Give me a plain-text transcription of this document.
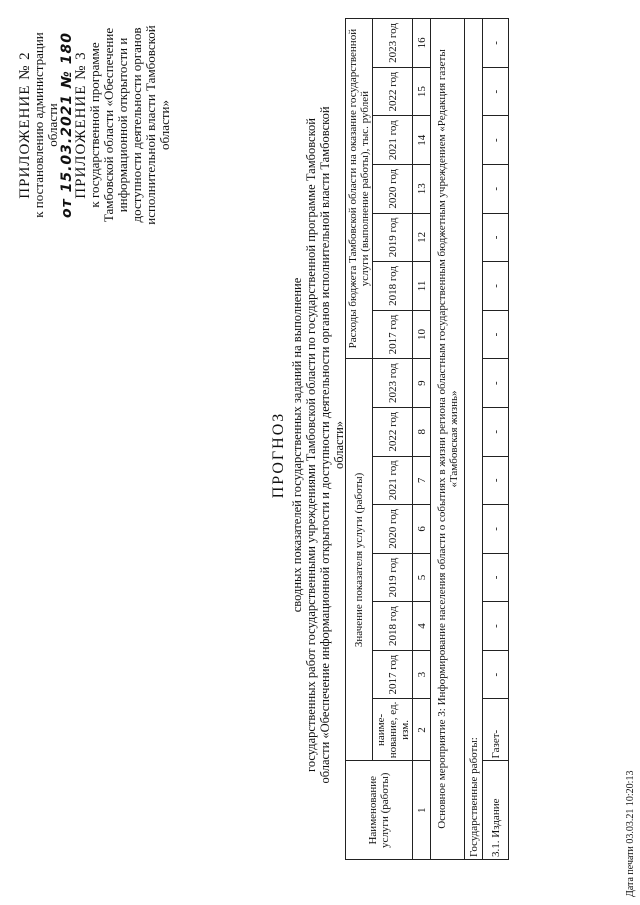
ПРИЛОЖЕНИЕ № 2
к постановлению администрации области от 15.03.2021 № 180
ПРИЛОЖЕНИЕ № 3
к государственной программе Тамбовской области «Обеспечение информационной открытости и доступности деятельности органов исполнительной власти Тамбовской области»
ПРОГНОЗ сводных показателей государственных заданий на выполнение государственных работ государственными учреждениями Тамбовской области по государственной программе Тамбовской области «Обеспечение информационной открытости и доступности деятельности органов исполнительной власти Тамбовской области»
Наименование услуги (работы)	Значение показателя услуги (работы)								Расходы бюджета Тамбовской области на оказание государственной услуги (выполнение работы), тыс. рублей						
	наиме-нование, ед. изм.	2017 год	2018 год	2019 год	2020 год	2021 год	2022 год	2023 год	2017 год	2018 год	2019 год	2020 год	2021 год	2022 год	2023 год
1	2	3	4	5	6	7	8	9	10	11	12	13	14	15	16
Основное мероприятие 3: Информирование населения области о событиях в жизни региона областным государственным бюджетным учреждением «Редакция газеты «Тамбовская жизнь»															
Государственные работы:															
3.1. Издание	Газет-	-	-	-	-	-	-	-	-	-	-	-	-	-	-
Дата печати 03.03.21 10:20:13
